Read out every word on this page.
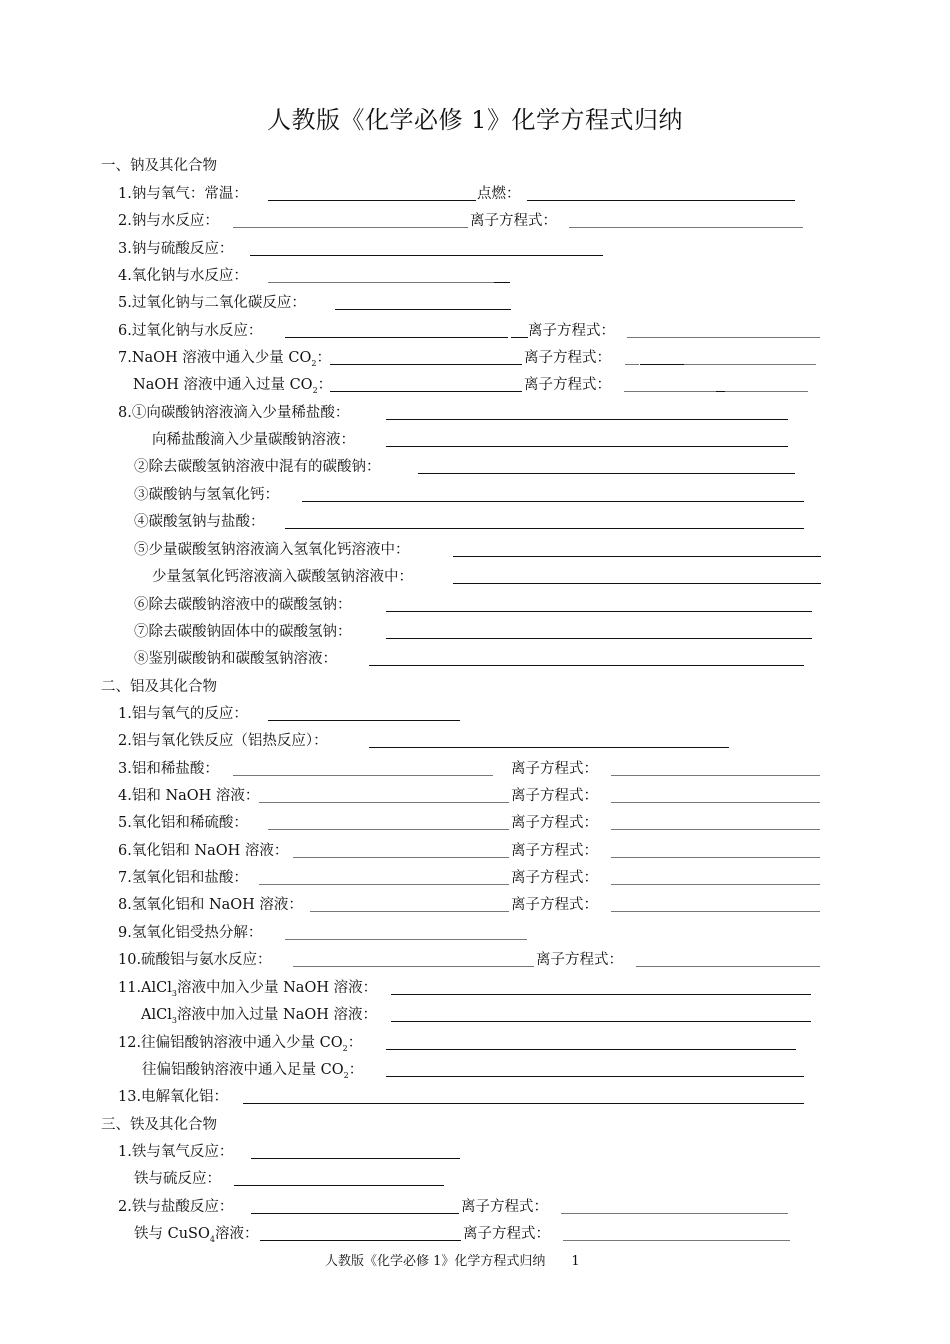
人教版《化学必修 1》化学方程式归纳
一、钠及其化合物
1.钠与氧气：常温：	点燃：
2.钠与水反应：	离子方程式：
3.钠与硫酸反应：
4.氧化钠与水反应：
5.过氧化钠与二氧化碳反应：
6.过氧化钠与水反应：	离子方程式：
7.NaOH 溶液中通入少量 $CO_2$：	离子方程式：
NaOH 溶液中通入过量 $CO_2$：	离子方程式：
8.①向碳酸钠溶液滴入少量稀盐酸：
向稀盐酸滴入少量碳酸钠溶液：
②除去碳酸氢钠溶液中混有的碳酸钠：
③碳酸钠与氢氧化钙：
④碳酸氢钠与盐酸：
⑤少量碳酸氢钠溶液滴入氢氧化钙溶液中：
少量氢氧化钙溶液滴入碳酸氢钠溶液中：
⑥除去碳酸钠溶液中的碳酸氢钠：
⑦除去碳酸钠固体中的碳酸氢钠：
⑧鉴别碳酸钠和碳酸氢钠溶液：
二、铝及其化合物
1.铝与氧气的反应：
2.铝与氧化铁反应（铝热反应）：
3.铝和稀盐酸：	离子方程式：
4.铝和 NaOH 溶液：	离子方程式：
5.氧化铝和稀硫酸：	离子方程式：
6.氧化铝和 NaOH 溶液：	离子方程式：
7.氢氧化铝和盐酸：	离子方程式：
8.氢氧化铝和 NaOH 溶液：	离子方程式：
9.氢氧化铝受热分解：
10.硫酸铝与氨水反应：	离子方程式：
11.AlCl$_3$溶液中加入少量 NaOH 溶液：
AlCl$_3$溶液中加入过量 NaOH 溶液：
12.往偏铝酸钠溶液中通入少量 $CO_2$：
往偏铝酸钠溶液中通入足量 $CO_2$：
13.电解氧化铝：
三、铁及其化合物
1.铁与氧气反应：
铁与硫反应：
2.铁与盐酸反应：	离子方程式：
铁与 CuSO$_4$溶液：	离子方程式：
人教版《化学必修 1》化学方程式归纳 1
